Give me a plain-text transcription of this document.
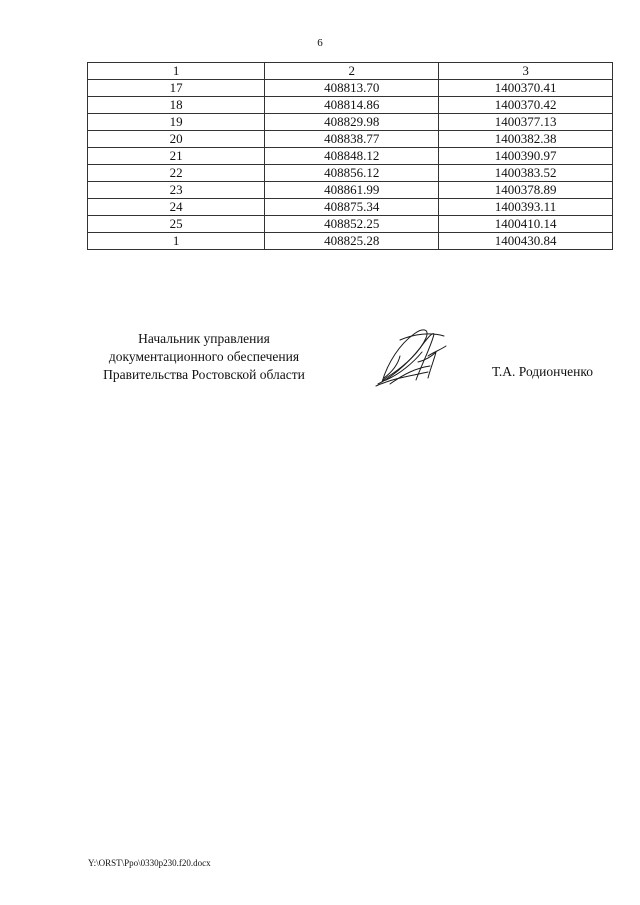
6
1	2	3
17	408813.70	1400370.41
18	408814.86	1400370.42
19	408829.98	1400377.13
20	408838.77	1400382.38
21	408848.12	1400390.97
22	408856.12	1400383.52
23	408861.99	1400378.89
24	408875.34	1400393.11
25	408852.25	1400410.14
1	408825.28	1400430.84
Начальник управления
документационного обеспечения
Правительства Ростовской области	Т.А. Родионченко
Y:\ORST\Ppo\0330p230.f20.docx
